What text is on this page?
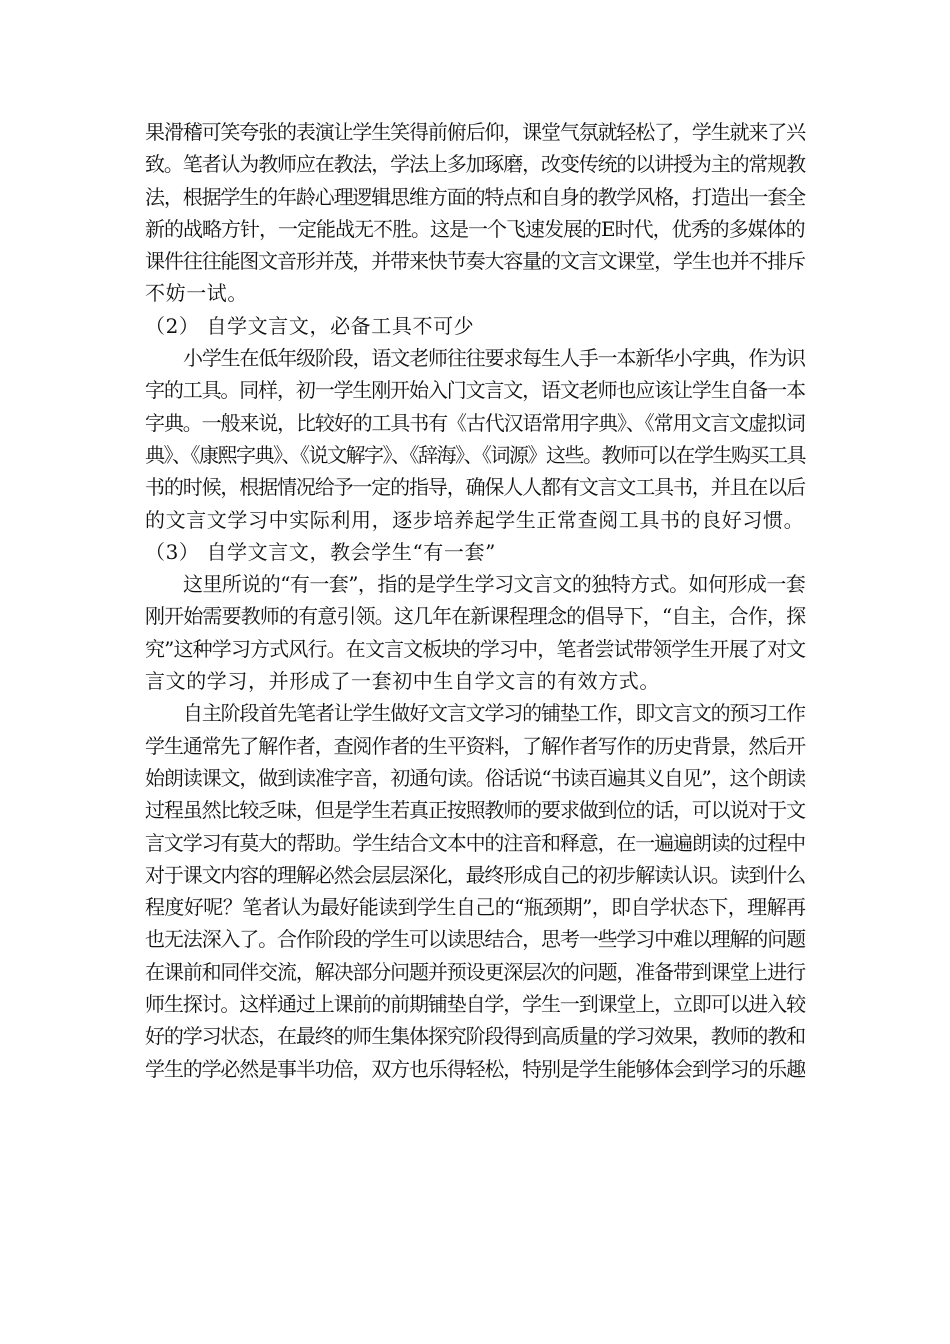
果滑稽可笑夸张的表演让学生笑得前俯后仰，课堂气氛就轻松了，学生就来了兴
致。笔者认为教师应在教法，学法上多加琢磨，改变传统的以讲授为主的常规教
法，根据学生的年龄心理逻辑思维方面的特点和自身的教学风格，打造出一套全
新的战略方针，一定能战无不胜。这是一个飞速发展的E时代，优秀的多媒体的
课件往往能图文音形并茂，并带来快节奏大容量的文言文课堂，学生也并不排斥
不妨一试。
（2） 自学文言文，必备工具不可少
小学生在低年级阶段，语文老师往往要求每生人手一本新华小字典，作为识
字的工具。同样，初一学生刚开始入门文言文，语文老师也应该让学生自备一本
字典。一般来说，比较好的工具书有《古代汉语常用字典》、《常用文言文虚拟词
典》、《康熙字典》、《说文解字》、《辞海》、《词源》这些。教师可以在学生购买工具
书的时候，根据情况给予一定的指导，确保人人都有文言文工具书，并且在以后
的文言文学习中实际利用，逐步培养起学生正常查阅工具书的良好习惯。
（3） 自学文言文，教会学生“有一套”
这里所说的“有一套”，指的是学生学习文言文的独特方式。如何形成一套
刚开始需要教师的有意引领。这几年在新课程理念的倡导下，“自主，合作，探
究”这种学习方式风行。在文言文板块的学习中，笔者尝试带领学生开展了对文
言文的学习，并形成了一套初中生自学文言的有效方式。
自主阶段首先笔者让学生做好文言文学习的铺垫工作，即文言文的预习工作
学生通常先了解作者，查阅作者的生平资料，了解作者写作的历史背景，然后开
始朗读课文，做到读准字音，初通句读。俗话说“书读百遍其义自见”，这个朗读
过程虽然比较乏味，但是学生若真正按照教师的要求做到位的话，可以说对于文
言文学习有莫大的帮助。学生结合文本中的注音和释意，在一遍遍朗读的过程中
对于课文内容的理解必然会层层深化，最终形成自己的初步解读认识。读到什么
程度好呢？笔者认为最好能读到学生自己的“瓶颈期”，即自学状态下，理解再
也无法深入了。合作阶段的学生可以读思结合，思考一些学习中难以理解的问题
在课前和同伴交流，解决部分问题并预设更深层次的问题，准备带到课堂上进行
师生探讨。这样通过上课前的前期铺垫自学，学生一到课堂上，立即可以进入较
好的学习状态，在最终的师生集体探究阶段得到高质量的学习效果，教师的教和
学生的学必然是事半功倍，双方也乐得轻松，特别是学生能够体会到学习的乐趣
